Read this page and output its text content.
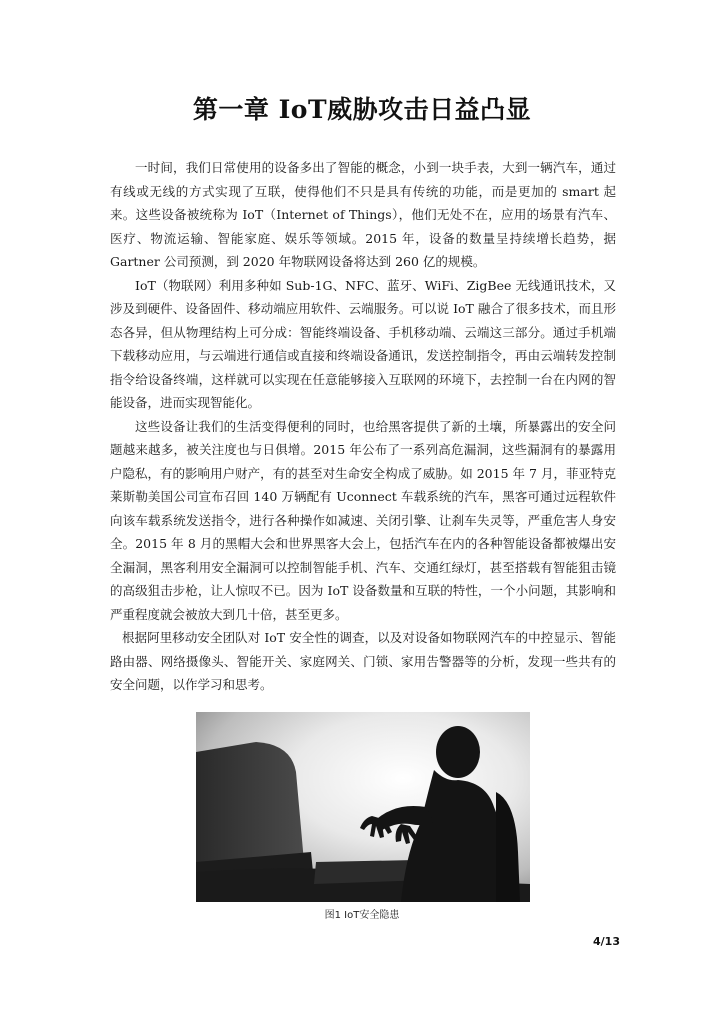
第一章 IoT威胁攻击日益凸显

一时间，我们日常使用的设备多出了智能的概念，小到一块手表，大到一辆汽车，通过有线或无线的方式实现了互联，使得他们不只是具有传统的功能，而是更加的 smart 起来。这些设备被统称为 IoT（Internet of Things），他们无处不在，应用的场景有汽车、医疗、物流运输、智能家庭、娱乐等领域。2015 年，设备的数量呈持续增长趋势，据 Gartner 公司预测，到 2020 年物联网设备将达到 260 亿的规模。

IoT（物联网）利用多种如 Sub-1G、NFC、蓝牙、WiFi、ZigBee 无线通讯技术，又涉及到硬件、设备固件、移动端应用软件、云端服务。可以说 IoT 融合了很多技术，而且形态各异，但从物理结构上可分成：智能终端设备、手机移动端、云端这三部分。通过手机端下载移动应用，与云端进行通信或直接和终端设备通讯，发送控制指令，再由云端转发控制指令给设备终端，这样就可以实现在任意能够接入互联网的环境下，去控制一台在内网的智能设备，进而实现智能化。

这些设备让我们的生活变得便利的同时，也给黑客提供了新的土壤，所暴露出的安全问题越来越多，被关注度也与日俱增。2015 年公布了一系列高危漏洞，这些漏洞有的暴露用户隐私，有的影响用户财产，有的甚至对生命安全构成了威胁。如 2015 年 7 月，菲亚特克莱斯勒美国公司宣布召回 140 万辆配有 Uconnect 车载系统的汽车，黑客可通过远程软件向该车载系统发送指令，进行各种操作如减速、关闭引擎、让刹车失灵等，严重危害人身安全。2015 年 8 月的黑帽大会和世界黑客大会上，包括汽车在内的各种智能设备都被爆出安全漏洞，黑客利用安全漏洞可以控制智能手机、汽车、交通红绿灯，甚至搭载有智能狙击镜的高级狙击步枪，让人惊叹不已。因为 IoT 设备数量和互联的特性，一个小问题，其影响和严重程度就会被放大到几十倍，甚至更多。

根据阿里移动安全团队对 IoT 安全性的调查，以及对设备如物联网汽车的中控显示、智能路由器、网络摄像头、智能开关、家庭网关、门锁、家用告警器等的分析，发现一些共有的安全问题，以作学习和思考。

图1 IoT安全隐患
4/13
